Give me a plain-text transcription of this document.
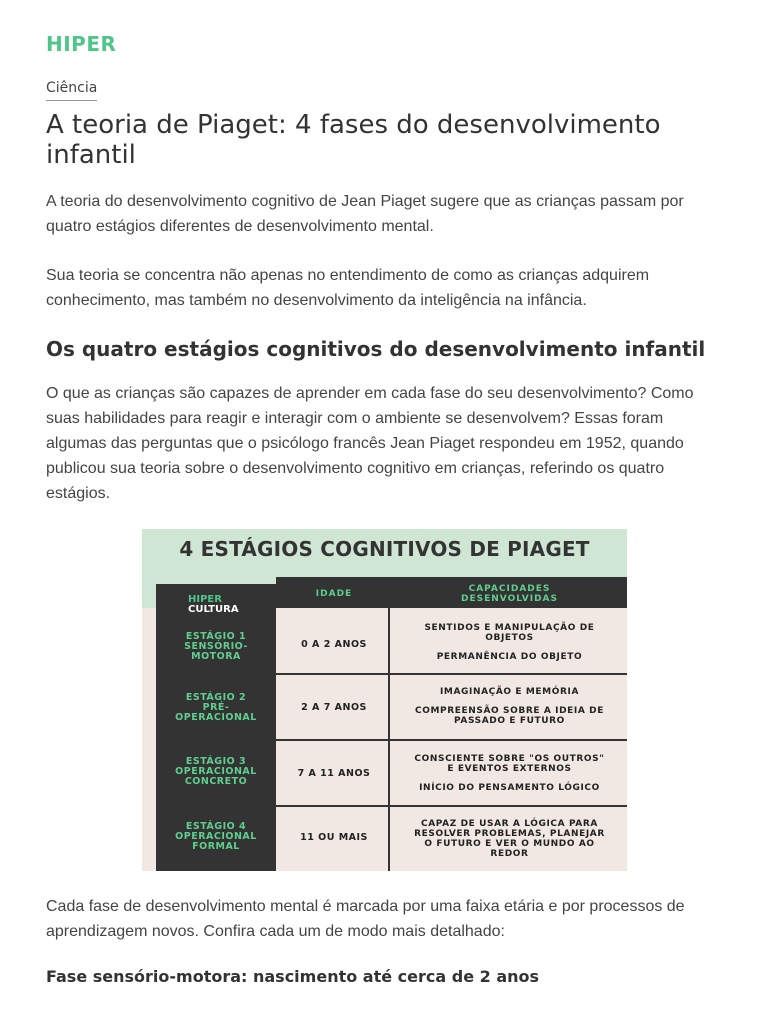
HIPER
Ciência
A teoria de Piaget: 4 fases do desenvolvimento infantil

A teoria do desenvolvimento cognitivo de Jean Piaget sugere que as crianças passam por quatro estágios diferentes de desenvolvimento mental.

Sua teoria se concentra não apenas no entendimento de como as crianças adquirem conhecimento, mas também no desenvolvimento da inteligência na infância.

Os quatro estágios cognitivos do desenvolvimento infantil

O que as crianças são capazes de aprender em cada fase do seu desenvolvimento? Como suas habilidades para reagir e interagir com o ambiente se desenvolvem? Essas foram algumas das perguntas que o psicólogo francês Jean Piaget respondeu em 1952, quando publicou sua teoria sobre o desenvolvimento cognitivo em crianças, referindo os quatro estágios.

4 ESTÁGIOS COGNITIVOS DE PIAGET
HIPER
CULTURA
IDADE	CAPACIDADES
DESENVOLVIDAS
ESTÁGIO 1
SENSÓRIO-
MOTORA
0 A 2 ANOS
SENTIDOS E MANIPULAÇÃO DE
OBJETOS
PERMANÊNCIA DO OBJETO
ESTÁGIO 2
PRÉ-
OPERACIONAL
2 A 7 ANOS
IMAGINAÇÃO E MEMÓRIA
COMPREENSÃO SOBRE A IDEIA DE
PASSADO E FUTURO
ESTÁGIO 3
OPERACIONAL
CONCRETO
7 A 11 ANOS
CONSCIENTE SOBRE "OS OUTROS"
E EVENTOS EXTERNOS
INÍCIO DO PENSAMENTO LÓGICO
ESTÁGIO 4
OPERACIONAL
FORMAL
11 OU MAIS
CAPAZ DE USAR A LÓGICA PARA
RESOLVER PROBLEMAS, PLANEJAR
O FUTURO E VER O MUNDO AO
REDOR

Cada fase de desenvolvimento mental é marcada por uma faixa etária e por processos de aprendizagem novos. Confira cada um de modo mais detalhado:

Fase sensório-motora: nascimento até cerca de 2 anos
